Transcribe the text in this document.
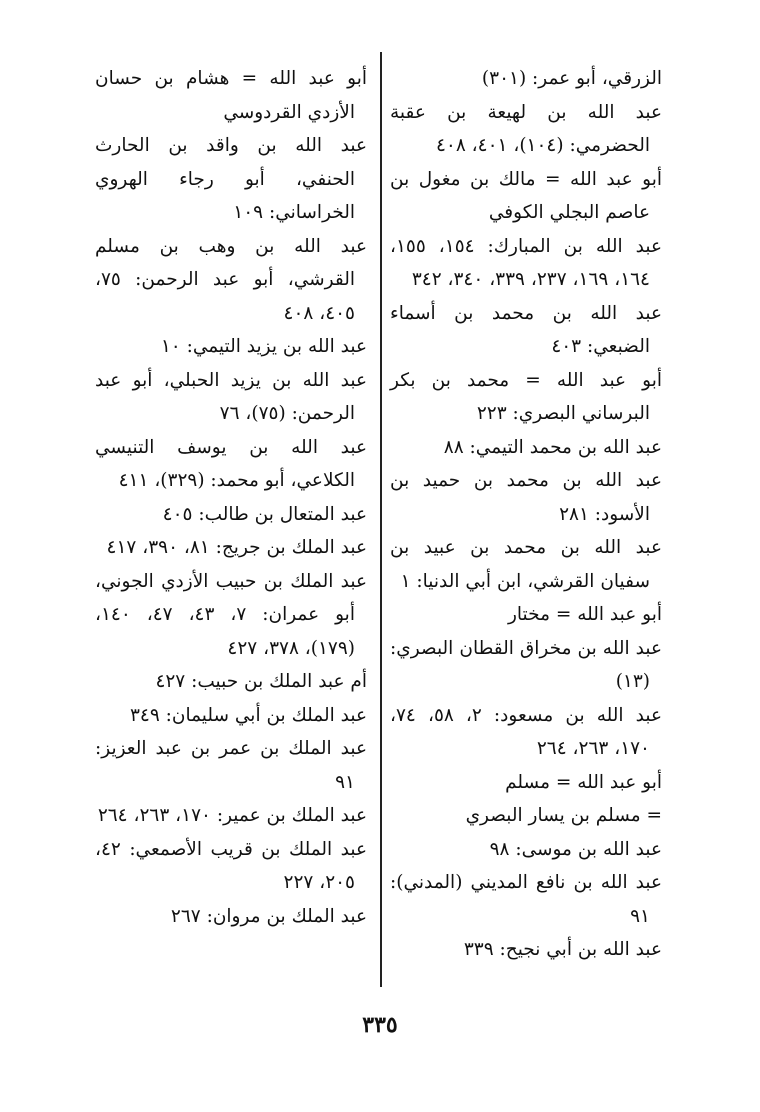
الزرقي، أبو عمر: (٣٠١)

عبد الله بن لهيعة بن عقبة الحضرمي: (١٠٤)، ٤٠١، ٤٠٨

أبو عبد الله = مالك بن مغول بن عاصم البجلي الكوفي

عبد الله بن المبارك: ١٥٤، ١٥٥، ١٦٤، ١٦٩، ٢٣٧، ٣٣٩، ٣٤٠، ٣٤٢

عبد الله بن محمد بن أسماء الضبعي: ٤٠٣

أبو عبد الله = محمد بن بكر البرساني البصري: ٢٢٣

عبد الله بن محمد التيمي: ٨٨

عبد الله بن محمد بن حميد بن الأسود: ٢٨١

عبد الله بن محمد بن عبيد بن سفيان القرشي، ابن أبي الدنيا: ١

أبو عبد الله = مختار

عبد الله بن مخراق القطان البصري: (١٣)

عبد الله بن مسعود: ٢، ٥٨، ٧٤، ١٧٠، ٢٦٣، ٢٦٤

أبو عبد الله = مسلم

= مسلم بن يسار البصري

عبد الله بن موسى: ٩٨

عبد الله بن نافع المديني (المدني): ٩١

عبد الله بن أبي نجيح: ٣٣٩

أبو عبد الله = هشام بن حسان الأزدي القردوسي

عبد الله بن واقد بن الحارث الحنفي، أبو رجاء الهروي الخراساني: ١٠٩

عبد الله بن وهب بن مسلم القرشي، أبو عبد الرحمن: ٧٥، ٤٠٥، ٤٠٨

عبد الله بن يزيد التيمي: ١٠

عبد الله بن يزيد الحبلي، أبو عبد الرحمن: (٧٥)، ٧٦

عبد الله بن يوسف التنيسي الكلاعي، أبو محمد: (٣٢٩)، ٤١١

عبد المتعال بن طالب: ٤٠٥

عبد الملك بن جريج: ٨١، ٣٩٠، ٤١٧

عبد الملك بن حبيب الأزدي الجوني، أبو عمران: ٧، ٤٣، ٤٧، ١٤٠، (١٧٩)، ٣٧٨، ٤٢٧

أم عبد الملك بن حبيب: ٤٢٧

عبد الملك بن أبي سليمان: ٣٤٩

عبد الملك بن عمر بن عبد العزيز: ٩١

عبد الملك بن عمير: ١٧٠، ٢٦٣، ٢٦٤

عبد الملك بن قريب الأصمعي: ٤٢، ٢٠٥، ٢٢٧

عبد الملك بن مروان: ٢٦٧

٣٣٥
